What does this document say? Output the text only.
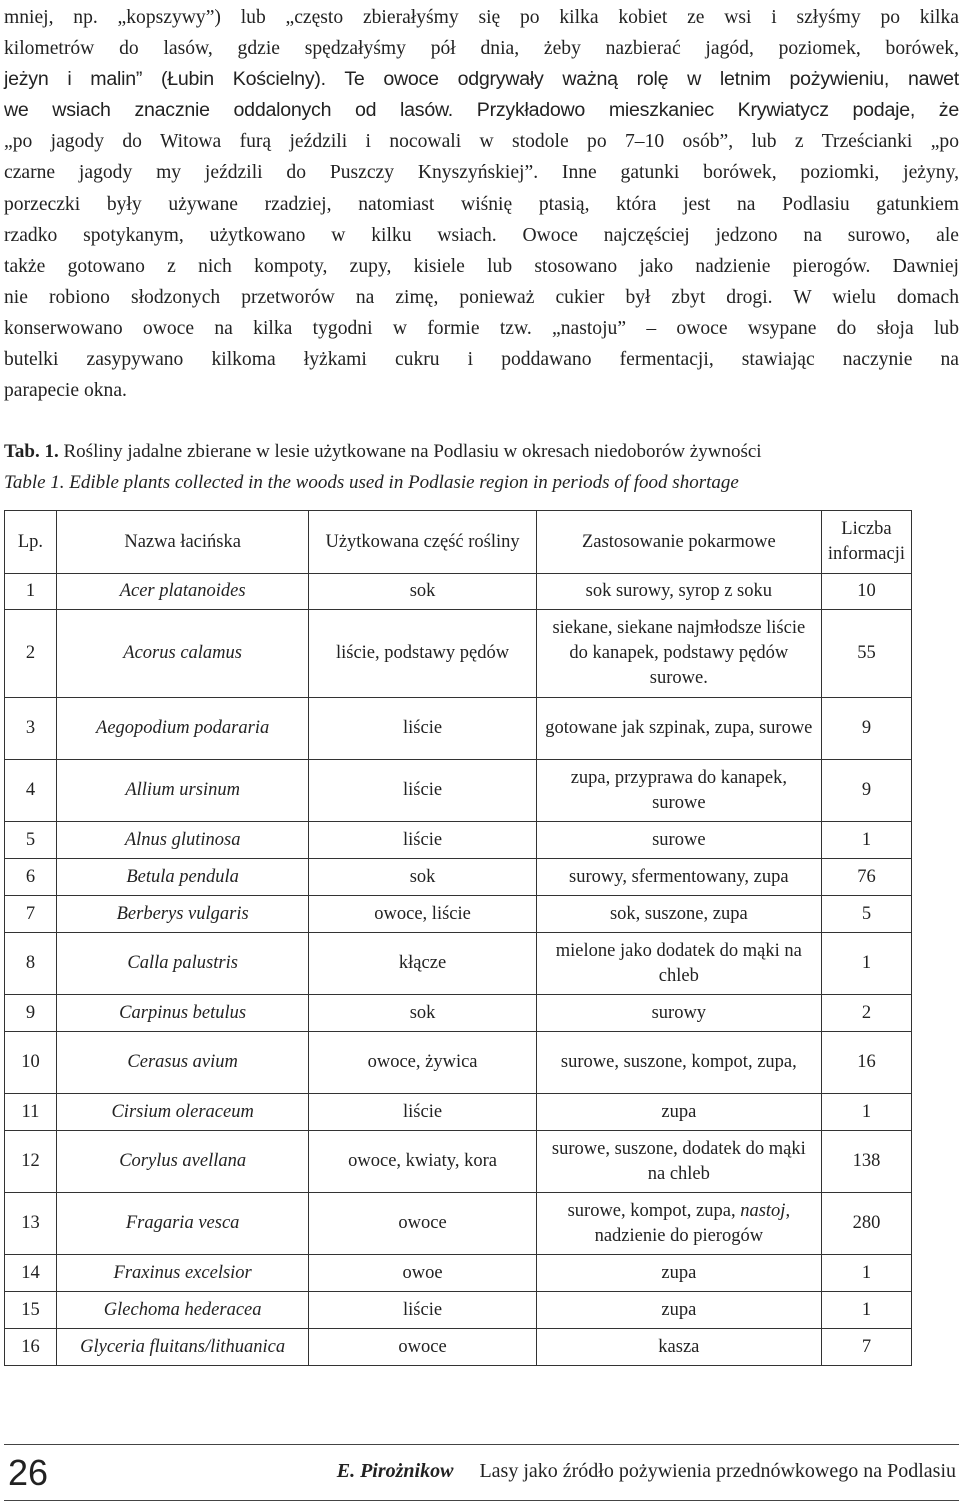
mniej, np. „kopszywy”) lub „często zbierałyśmy się po kilka kobiet ze wsi i szłyśmy po kilka
kilometrów do lasów, gdzie spędzałyśmy pół dnia, żeby nazbierać jagód, poziomek, borówek,
jeżyn i malin” (Łubin Kościelny). Te owoce odgrywały ważną rolę w letnim pożywieniu, nawet
we wsiach znacznie oddalonych od lasów. Przykładowo mieszkaniec Krywiatycz podaje, że
„po jagody do Witowa furą jeździli i nocowali w stodole po 7–10 osób”, lub z Trześcianki „po
czarne jagody my jeździli do Puszczy Knyszyńskiej”. Inne gatunki borówek, poziomki, jeżyny,
porzeczki były używane rzadziej, natomiast wiśnię ptasią, która jest na Podlasiu gatunkiem
rzadko spotykanym, użytkowano w kilku wsiach. Owoce najczęściej jedzono na surowo, ale
także gotowano z nich kompoty, zupy, kisiele lub stosowano jako nadzienie pierogów. Dawniej
nie robiono słodzonych przetworów na zimę, ponieważ cukier był zbyt drogi. W wielu domach
konserwowano owoce na kilka tygodni w formie tzw. „nastoju” – owoce wsypane do słoja lub
butelki zasypywano kilkoma łyżkami cukru i poddawano fermentacji, stawiając naczynie na
parapecie okna.
Tab. 1. Rośliny jadalne zbierane w lesie użytkowane na Podlasiu w okresach niedoborów żywności
Table 1. Edible plants collected in the woods used in Podlasie region in periods of food shortage
Lp.	Nazwa łacińska	Użytkowana część rośliny	Zastosowanie pokarmowe	Liczba informacji
1	Acer platanoides	sok	sok surowy, syrop z soku	10
2	Acorus calamus	liście, podstawy pędów	siekane, siekane najmłodsze liście do kanapek, podstawy pędów surowe.	55
3	Aegopodium podararia	liście	gotowane jak szpinak, zupa, surowe	9
4	Allium ursinum	liście	zupa, przyprawa do kanapek, surowe	9
5	Alnus glutinosa	liście	surowe	1
6	Betula pendula	sok	surowy, sfermentowany, zupa	76
7	Berberys vulgaris	owoce, liście	sok, suszone, zupa	5
8	Calla palustris	kłącze	mielone jako dodatek do mąki na chleb	1
9	Carpinus betulus	sok	surowy	2
10	Cerasus avium	owoce, żywica	surowe, suszone, kompot, zupa,	16
11	Cirsium oleraceum	liście	zupa	1
12	Corylus avellana	owoce, kwiaty, kora	surowe, suszone, dodatek do mąki na chleb	138
13	Fragaria vesca	owoce	surowe, kompot, zupa, nastoj, nadzienie do pierogów	280
14	Fraxinus excelsior	owoe	zupa	1
15	Glechoma hederacea	liście	zupa	1
16	Glyceria fluitans/lithuanica	owoce	kasza	7
26	E. Pirożnikow Lasy jako źródło pożywienia przednówkowego na Podlasiu
